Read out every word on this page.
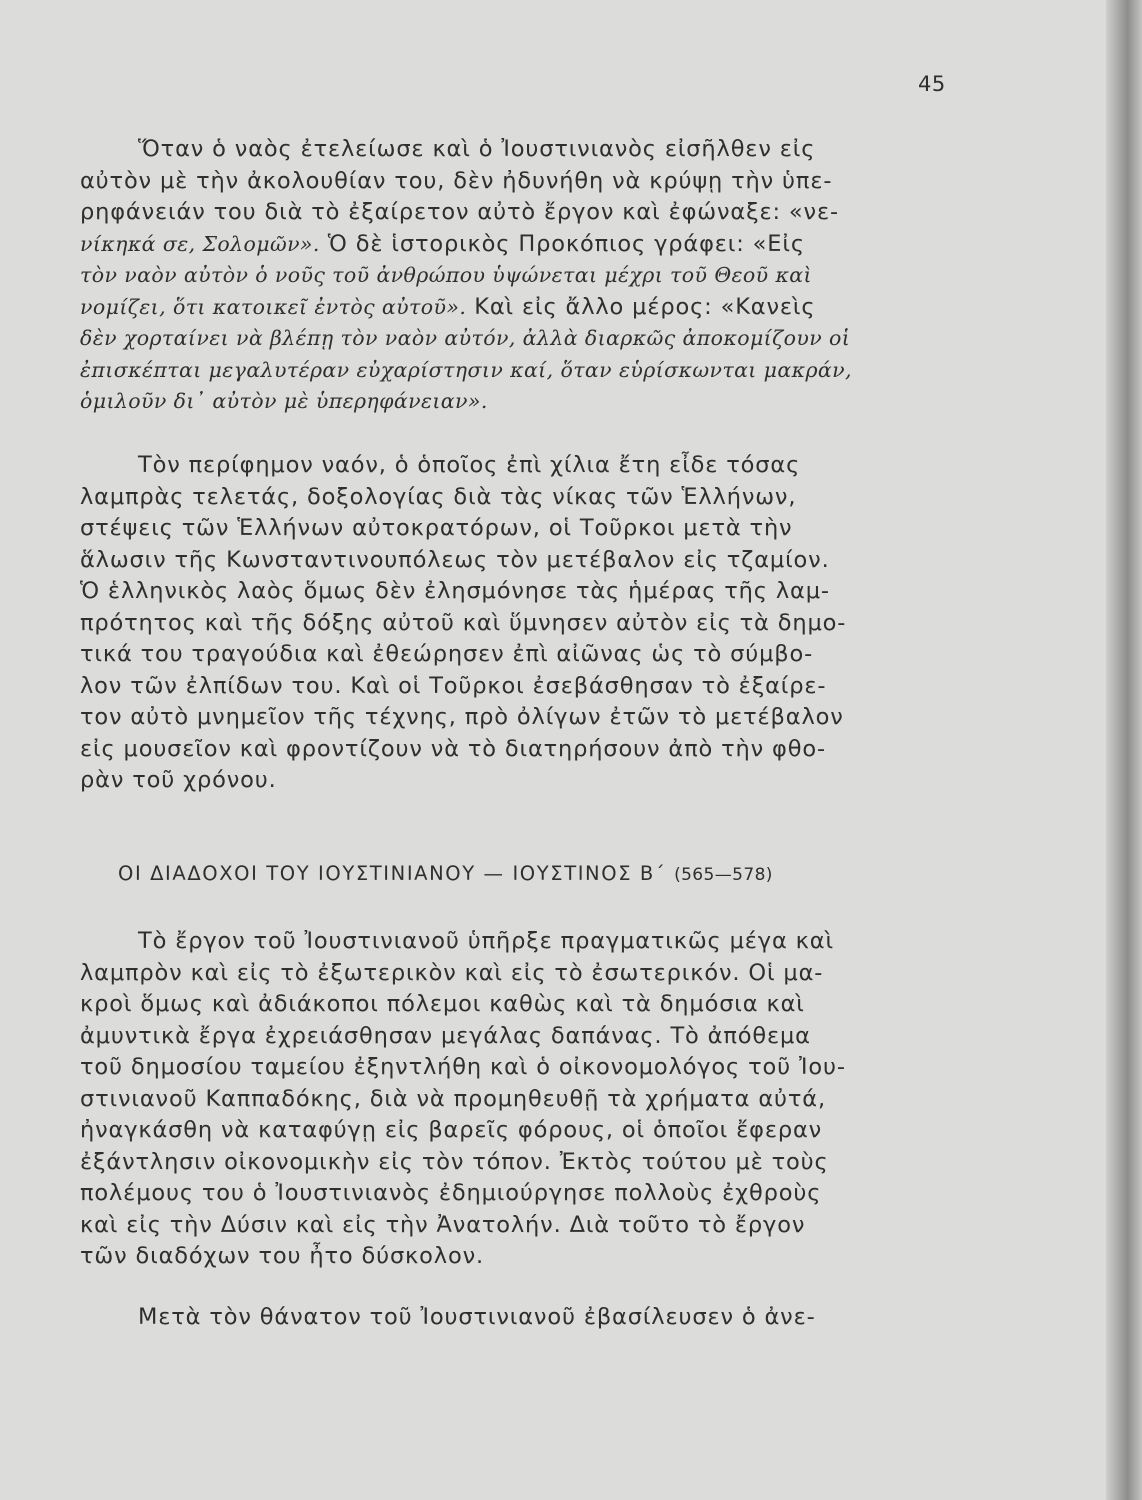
45
Ὅταν ὁ ναὸς ἐτελείωσε καὶ ὁ Ἰουστινιανὸς εἰσῆλθεν εἰς
αὐτὸν μὲ τὴν ἀκολουθίαν του, δὲν ἠδυνήθη νὰ κρύψῃ τὴν ὑπε-
ρηφάνειάν του διὰ τὸ ἐξαίρετον αὐτὸ ἔργον καὶ ἐφώναξε: «νε-
νίκηκά σε, Σολομῶν». Ὁ δὲ ἱστορικὸς Προκόπιος γράφει: «Εἰς
τὸν ναὸν αὐτὸν ὁ νοῦς τοῦ ἀνθρώπου ὑψώνεται μέχρι τοῦ Θεοῦ καὶ
νομίζει, ὅτι κατοικεῖ ἐντὸς αὐτοῦ». Καὶ εἰς ἄλλο μέρος: «Κανεὶς
δὲν χορταίνει νὰ βλέπῃ τὸν ναὸν αὐτόν, ἀλλὰ διαρκῶς ἀποκομίζουν οἱ
ἐπισκέπται μεγαλυτέραν εὐχαρίστησιν καί, ὅταν εὑρίσκωνται μακράν,
ὁμιλοῦν δι᾽ αὐτὸν μὲ ὑπερηφάνειαν».
Τὸν περίφημον ναόν, ὁ ὁποῖος ἐπὶ χίλια ἔτη εἶδε τόσας
λαμπρὰς τελετάς, δοξολογίας διὰ τὰς νίκας τῶν Ἑλλήνων,
στέψεις τῶν Ἑλλήνων αὐτοκρατόρων, οἱ Τοῦρκοι μετὰ τὴν
ἅλωσιν τῆς Κωνσταντινουπόλεως τὸν μετέβαλον εἰς τζαμίον.
Ὁ ἑλληνικὸς λαὸς ὅμως δὲν ἐλησμόνησε τὰς ἡμέρας τῆς λαμ-
πρότητος καὶ τῆς δόξης αὐτοῦ καὶ ὕμνησεν αὐτὸν εἰς τὰ δημο-
τικά του τραγούδια καὶ ἐθεώρησεν ἐπὶ αἰῶνας ὡς τὸ σύμβο-
λον τῶν ἐλπίδων του. Καὶ οἱ Τοῦρκοι ἐσεβάσθησαν τὸ ἐξαίρε-
τον αὐτὸ μνημεῖον τῆς τέχνης, πρὸ ὀλίγων ἐτῶν τὸ μετέβαλον
εἰς μουσεῖον καὶ φροντίζουν νὰ τὸ διατηρήσουν ἀπὸ τὴν φθο-
ρὰν τοῦ χρόνου.
ΟΙ ΔΙΑΔΟΧΟΙ ΤΟΥ ΙΟΥΣΤΙΝΙΑΝΟΥ — ΙΟΥΣΤΙΝΟΣ Β´ (565—578)
Τὸ ἔργον τοῦ Ἰουστινιανοῦ ὑπῆρξε πραγματικῶς μέγα καὶ
λαμπρὸν καὶ εἰς τὸ ἐξωτερικὸν καὶ εἰς τὸ ἐσωτερικόν. Οἱ μα-
κροὶ ὅμως καὶ ἀδιάκοποι πόλεμοι καθὼς καὶ τὰ δημόσια καὶ
ἀμυντικὰ ἔργα ἐχρειάσθησαν μεγάλας δαπάνας. Τὸ ἀπόθεμα
τοῦ δημοσίου ταμείου ἐξηντλήθη καὶ ὁ οἰκονομολόγος τοῦ Ἰου-
στινιανοῦ Καππαδόκης, διὰ νὰ προμηθευθῇ τὰ χρήματα αὐτά,
ἠναγκάσθη νὰ καταφύγῃ εἰς βαρεῖς φόρους, οἱ ὁποῖοι ἔφεραν
ἐξάντλησιν οἰκονομικὴν εἰς τὸν τόπον. Ἐκτὸς τούτου μὲ τοὺς
πολέμους του ὁ Ἰουστινιανὸς ἐδημιούργησε πολλοὺς ἐχθροὺς
καὶ εἰς τὴν Δύσιν καὶ εἰς τὴν Ἀνατολήν. Διὰ τοῦτο τὸ ἔργον
τῶν διαδόχων του ἦτο δύσκολον.
Μετὰ τὸν θάνατον τοῦ Ἰουστινιανοῦ ἐβασίλευσεν ὁ ἀνε-
